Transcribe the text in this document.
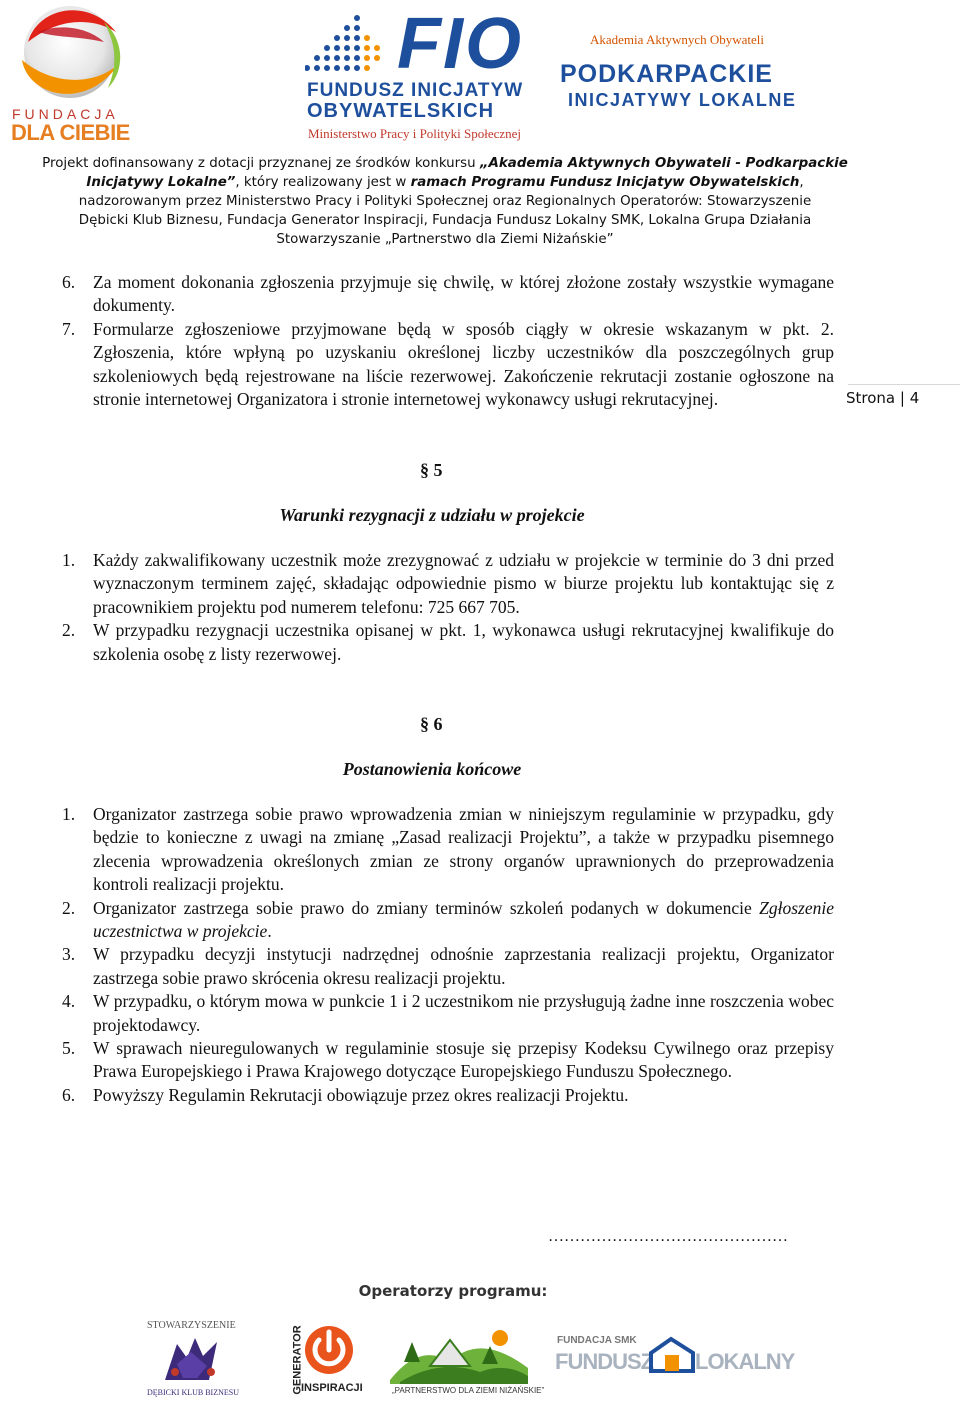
FUNDACJA
DLA CIEBIE
FIO
FUNDUSZ INICJATYW
OBYWATELSKICH
Ministerstwo Pracy i Polityki Społecznej
Akademia Aktywnych Obywateli
PODKARPACKIE
INICJATYWY LOKALNE
Projekt dofinansowany z dotacji przyznanej ze środków konkursu „Akademia Aktywnych Obywateli - Podkarpackie
Inicjatywy Lokalne”, który realizowany jest w ramach Programu Fundusz Inicjatyw Obywatelskich,
nadzorowanym przez Ministerstwo Pracy i Polityki Społecznej oraz Regionalnych Operatorów: Stowarzyszenie
Dębicki Klub Biznesu, Fundacja Generator Inspiracji, Fundacja Fundusz Lokalny SMK, Lokalna Grupa Działania
Stowarzyszanie „Partnerstwo dla Ziemi Niżańskie”
Strona | 4
6. Za moment dokonania zgłoszenia przyjmuje się chwilę, w której złożone zostały wszystkie wymagane dokumenty.
7. Formularze zgłoszeniowe przyjmowane będą w sposób ciągły w okresie wskazanym w pkt. 2. Zgłoszenia, które wpłyną po uzyskaniu określonej liczby uczestników dla poszczególnych grup szkoleniowych będą rejestrowane na liście rezerwowej. Zakończenie rekrutacji zostanie ogłoszone na stronie internetowej Organizatora i stronie internetowej wykonawcy usługi rekrutacyjnej.
§ 5
Warunki rezygnacji z udziału w projekcie
1. Każdy zakwalifikowany uczestnik może zrezygnować z udziału w projekcie w terminie do 3 dni przed wyznaczonym terminem zajęć, składając odpowiednie pismo w biurze projektu lub kontaktując się z pracownikiem projektu pod numerem telefonu: 725 667 705.
2. W przypadku rezygnacji uczestnika opisanej w pkt. 1, wykonawca usługi rekrutacyjnej kwalifikuje do szkolenia osobę z listy rezerwowej.
§ 6
Postanowienia końcowe
1. Organizator zastrzega sobie prawo wprowadzenia zmian w niniejszym regulaminie w przypadku, gdy będzie to konieczne z uwagi na zmianę „Zasad realizacji Projektu”, a także w przypadku pisemnego zlecenia wprowadzenia określonych zmian ze strony organów uprawnionych do przeprowadzenia kontroli realizacji projektu.
2. Organizator zastrzega sobie prawo do zmiany terminów szkoleń podanych w dokumencie Zgłoszenie uczestnictwa w projekcie.
3. W przypadku decyzji instytucji nadrzędnej odnośnie zaprzestania realizacji projektu, Organizator zastrzega sobie prawo skrócenia okresu realizacji projektu.
4. W przypadku, o którym mowa w punkcie 1 i 2 uczestnikom nie przysługują żadne inne roszczenia wobec projektodawcy.
5. W sprawach nieuregulowanych w regulaminie stosuje się przepisy Kodeksu Cywilnego oraz przepisy Prawa Europejskiego i Prawa Krajowego dotyczące Europejskiego Funduszu Społecznego.
6. Powyższy Regulamin Rekrutacji obowiązuje przez okres realizacji Projektu.
………………………………………
Operatorzy programu:
STOWARZYSZENIE
DĘBICKI KLUB BIZNESU	GENERATOR
INSPIRACJI	„PARTNERSTWO DLA ZIEMI NIŻAŃSKIE”
FUNDACJA SMK
FUNDUSZ LOKALNY
